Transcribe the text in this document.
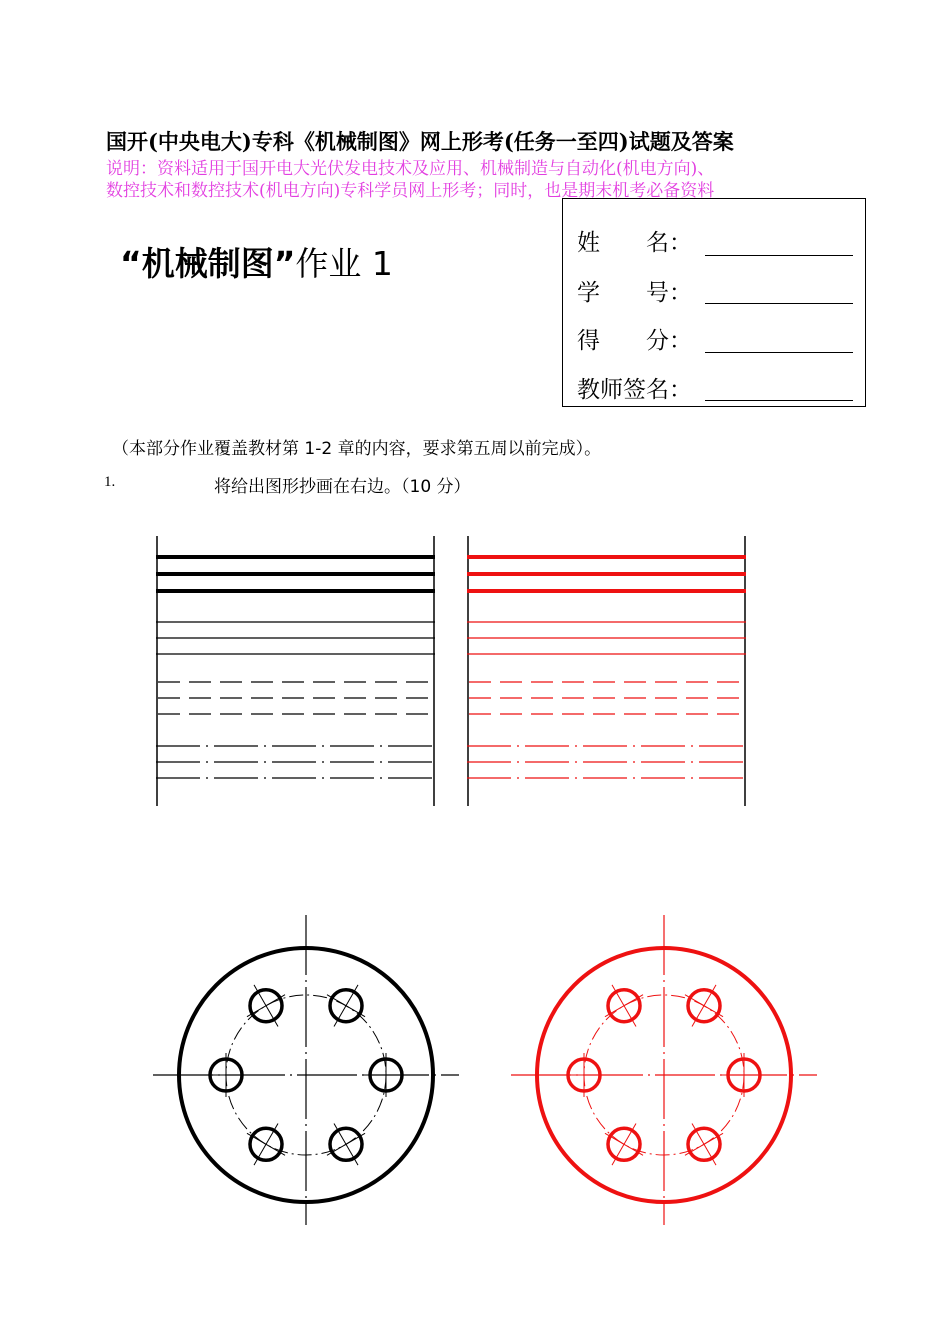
国开(中央电大)专科《机械制图》网上形考(任务一至四)试题及答案
说明：资料适用于国开电大光伏发电技术及应用、机械制造与自动化(机电方向)、
数控技术和数控技术(机电方向)专科学员网上形考；同时，也是期末机考必备资料
“机械制图”作业 1
姓　　名：
学　　号：
得　　分：
教师签名：
（本部分作业覆盖教材第 1-2 章的内容，要求第五周以前完成）。
1.	将给出图形抄画在右边。（10 分）
